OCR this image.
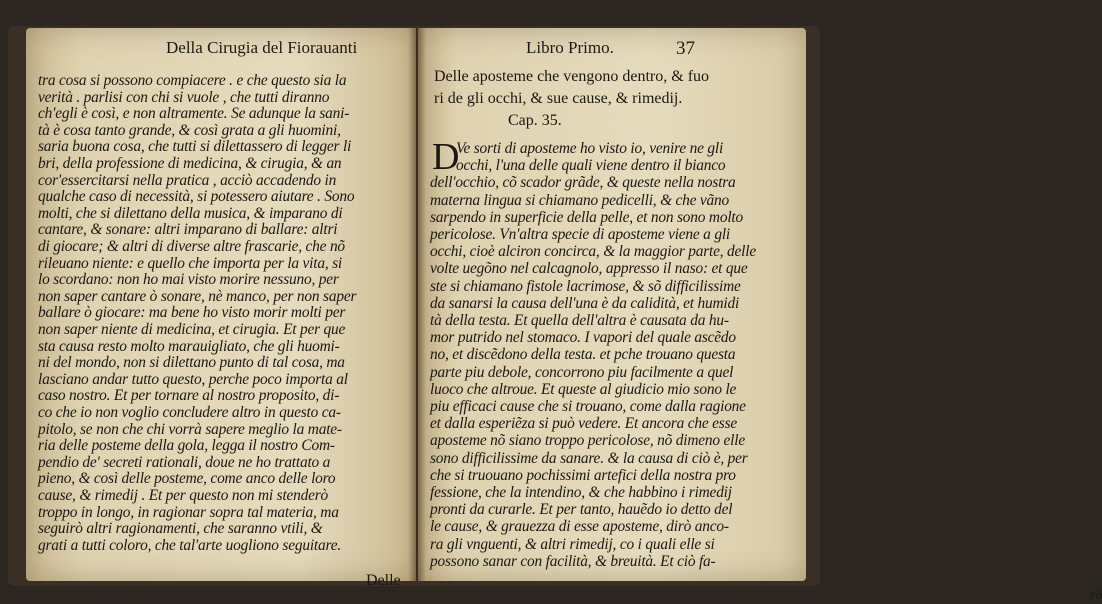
Della Cirugia del Fiorauanti
tra cosa si possono compiacere . e che questo sia la
verità . parlisi con chi si vuole , che tutti diranno
ch'egli è così, e non altramente. Se adunque la sani-
tà è cosa tanto grande, & così grata a gli huomini,
saria buona cosa, che tutti si dilettassero di legger li
bri, della professione di medicina, & cirugia, & an
cor'essercitarsi nella pratica , acciò accadendo in
qualche caso di necessità, si potessero aiutare . Sono
molti, che si dilettano della musica, & imparano di
cantare, & sonare: altri imparano di ballare: altri
di giocare; & altri di diverse altre frascarie, che nõ
rileuano niente: e quello che importa per la vita, si
lo scordano: non ho mai visto morire nessuno, per
non saper cantare ò sonare, nè manco, per non saper
ballare ò giocare: ma bene ho visto morir molti per
non saper niente di medicina, et cirugia. Et per que
sta causa resto molto marauigliato, che gli huomi-
ni del mondo, non si dilettano punto di tal cosa, ma
lasciano andar tutto questo, perche poco importa al
caso nostro. Et per tornare al nostro proposito, di-
co che io non voglio concludere altro in questo ca-
pitolo, se non che chi vorrà sapere meglio la mate-
ria delle posteme della gola, legga il nostro Com-
pendio de' secreti rationali, doue ne ho trattato a
pieno, & così delle posteme, come anco delle loro
cause, & rimedij . Et per questo non mi stenderò
troppo in longo, in ragionar sopra tal materia, ma
seguirò altri ragionamenti, che saranno vtili, &
grati a tutti coloro, che tal'arte uogliono seguitare.
Delle
Libro Primo.	37
Delle aposteme che vengono dentro, & fuo
ri de gli occhi, & sue cause, & rimedij.
Cap. 35.
D
Ve sorti di aposteme ho visto io, venire ne gli
occhi, l'una delle quali viene dentro il bianco
dell'occhio, cõ scador grãde, & queste nella nostra
materna lingua si chiamano pedicelli, & che vãno
sarpendo in superficie della pelle, et non sono molto
pericolose. Vn'altra specie di aposteme viene a gli
occhi, cioè alciron concirca, & la maggior parte, delle
volte uegõno nel calcagnolo, appresso il naso: et que
ste si chiamano fistole lacrimose, & sõ difficilissime
da sanarsi la causa dell'una è da calidità, et humidi
tà della testa. Et quella dell'altra è causata da hu-
mor putrido nel stomaco. I vapori del quale ascẽdo
no, et discẽdono della testa. et pche trouano questa
parte piu debole, concorrono piu facilmente a quel
luoco che altroue. Et queste al giudicio mio sono le
piu efficaci cause che si trouano, come dalla ragione
et dalla esperiẽza si può vedere. Et ancora che esse
aposteme nõ siano troppo pericolose, nõ dimeno elle
sono difficilissime da sanare. & la causa di ciò è, per
che si truouano pochissimi artefici della nostra pro
fessione, che la intendino, & che habbino i rimedij
pronti da curarle. Et per tanto, hauẽdo io detto del
le cause, & grauezza di esse aposteme, dirò anco-
ra gli vnguenti, & altri rimedij, co i quali elle si
possono sanar con facilità, & breuità. Et ciò fa-
rã
